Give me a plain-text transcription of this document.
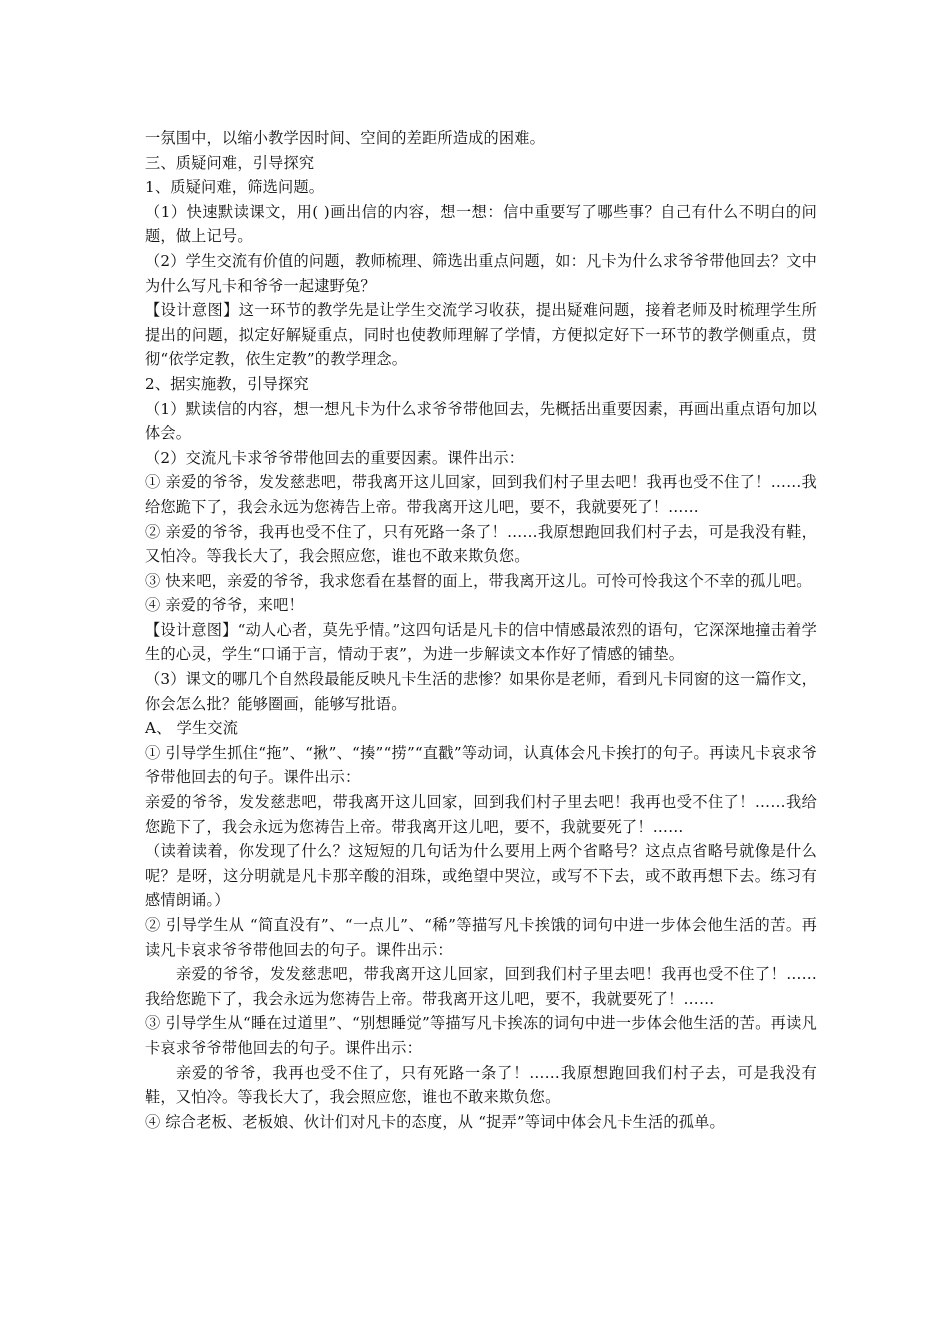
一氛围中，以缩小教学因时间、空间的差距所造成的困难。

三、质疑问难，引导探究

1、质疑问难，筛选问题。

（1）快速默读课文，用( )画出信的内容，想一想：信中重要写了哪些事？自己有什么不明白的问题，做上记号。

（2）学生交流有价值的问题，教师梳理、筛选出重点问题，如：凡卡为什么求爷爷带他回去？文中为什么写凡卡和爷爷一起逮野兔？

【设计意图】这一环节的教学先是让学生交流学习收获，提出疑难问题，接着老师及时梳理学生所提出的问题，拟定好解疑重点，同时也使教师理解了学情，方便拟定好下一环节的教学侧重点，贯彻“依学定教，依生定教”的教学理念。

2、据实施教，引导探究

（1）默读信的内容，想一想凡卡为什么求爷爷带他回去，先概括出重要因素，再画出重点语句加以体会。

（2）交流凡卡求爷爷带他回去的重要因素。课件出示：

① 亲爱的爷爷，发发慈悲吧，带我离开这儿回家，回到我们村子里去吧！我再也受不住了！……我给您跪下了，我会永远为您祷告上帝。带我离开这儿吧，要不，我就要死了！……

② 亲爱的爷爷，我再也受不住了，只有死路一条了！……我原想跑回我们村子去，可是我没有鞋，又怕冷。等我长大了，我会照应您，谁也不敢来欺负您。

③ 快来吧，亲爱的爷爷，我求您看在基督的面上，带我离开这儿。可怜可怜我这个不幸的孤儿吧。

④ 亲爱的爷爷，来吧！

【设计意图】“动人心者，莫先乎情。”这四句话是凡卡的信中情感最浓烈的语句，它深深地撞击着学生的心灵，学生“口诵于言，情动于衷”，为进一步解读文本作好了情感的铺垫。

（3）课文的哪几个自然段最能反映凡卡生活的悲惨？如果你是老师，看到凡卡同窗的这一篇作文，你会怎么批？能够圈画，能够写批语。

A、 学生交流

① 引导学生抓住“拖”、“揪”、“揍”“捞”“直戳”等动词，认真体会凡卡挨打的句子。再读凡卡哀求爷爷带他回去的句子。课件出示：

亲爱的爷爷，发发慈悲吧，带我离开这儿回家，回到我们村子里去吧！我再也受不住了！……我给您跪下了，我会永远为您祷告上帝。带我离开这儿吧，要不，我就要死了！……

（读着读着，你发现了什么？这短短的几句话为什么要用上两个省略号？这点点省略号就像是什么呢？是呀，这分明就是凡卡那辛酸的泪珠，或绝望中哭泣，或写不下去，或不敢再想下去。练习有感情朗诵。）

② 引导学生从 “简直没有”、“一点儿”、“稀”等描写凡卡挨饿的词句中进一步体会他生活的苦。再读凡卡哀求爷爷带他回去的句子。课件出示：

亲爱的爷爷，发发慈悲吧，带我离开这儿回家，回到我们村子里去吧！我再也受不住了！……我给您跪下了，我会永远为您祷告上帝。带我离开这儿吧，要不，我就要死了！……

③ 引导学生从“睡在过道里”、“别想睡觉”等描写凡卡挨冻的词句中进一步体会他生活的苦。再读凡卡哀求爷爷带他回去的句子。课件出示：

亲爱的爷爷，我再也受不住了，只有死路一条了！……我原想跑回我们村子去，可是我没有鞋，又怕冷。等我长大了，我会照应您，谁也不敢来欺负您。

④ 综合老板、老板娘、伙计们对凡卡的态度，从 “捉弄”等词中体会凡卡生活的孤单。
